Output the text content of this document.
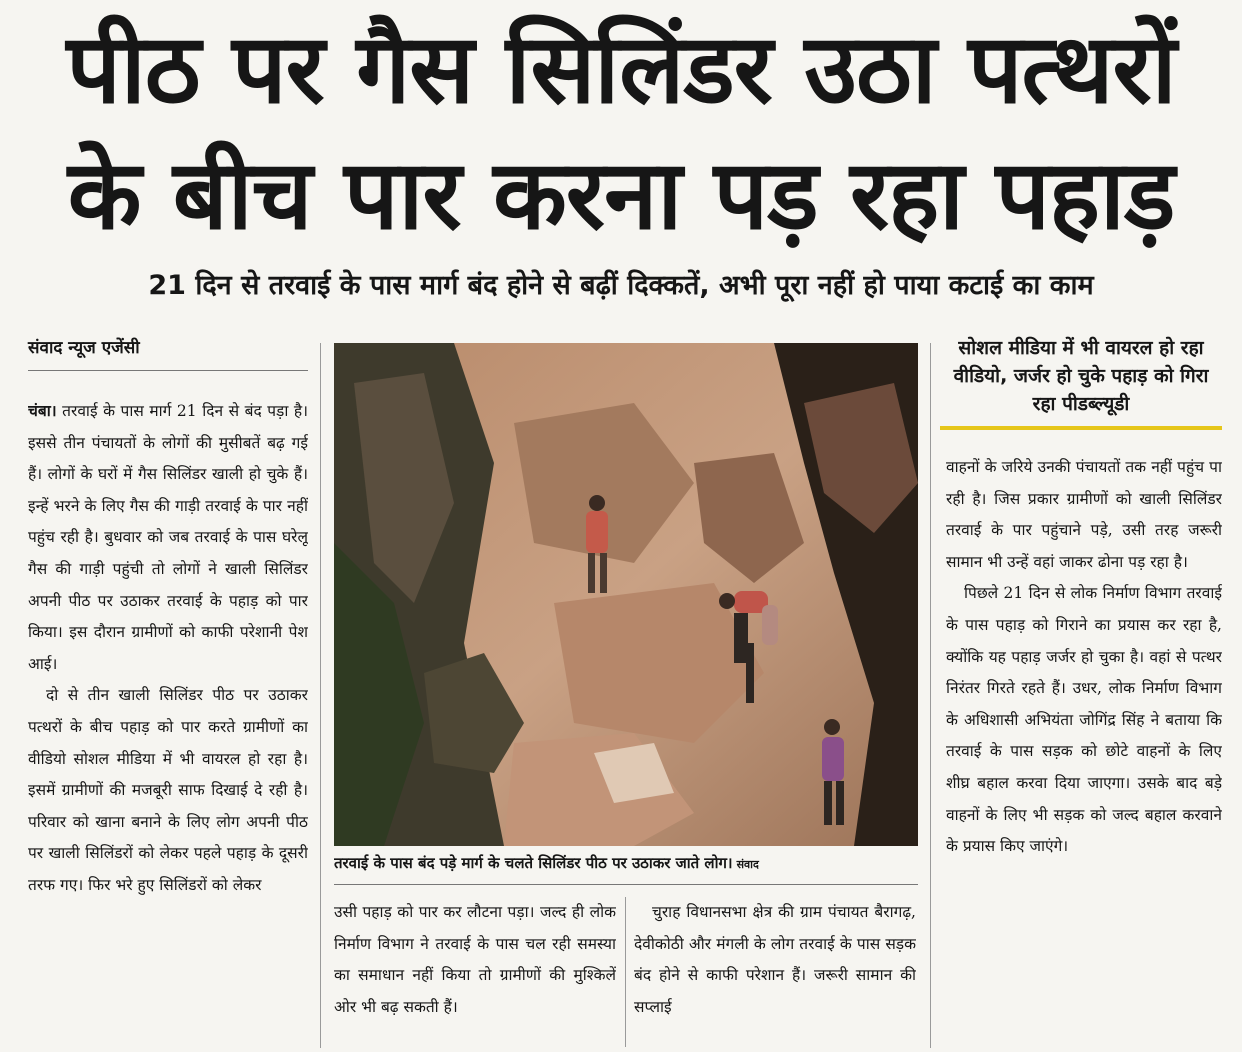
पीठ पर गैस सिलिंडर उठा पत्थरों
के बीच पार करना पड़ रहा पहाड़
21 दिन से तरवाई के पास मार्ग बंद होने से बढ़ीं दिक्कतें, अभी पूरा नहीं हो पाया कटाई का काम
संवाद न्यूज एजेंसी

चंबा। तरवाई के पास मार्ग 21 दिन से बंद पड़ा है। इससे तीन पंचायतों के लोगों की मुसीबतें बढ़ गई हैं। लोगों के घरों में गैस सिलिंडर खाली हो चुके हैं। इन्हें भरने के लिए गैस की गाड़ी तरवाई के पार नहीं पहुंच रही है। बुधवार को जब तरवाई के पास घरेलू गैस की गाड़ी पहुंची तो लोगों ने खाली सिलिंडर अपनी पीठ पर उठाकर तरवाई के पहाड़ को पार किया। इस दौरान ग्रामीणों को काफी परेशानी पेश आई।

दो से तीन खाली सिलिंडर पीठ पर उठाकर पत्थरों के बीच पहाड़ को पार करते ग्रामीणों का वीडियो सोशल मीडिया में भी वायरल हो रहा है। इसमें ग्रामीणों की मजबूरी साफ दिखाई दे रही है। परिवार को खाना बनाने के लिए लोग अपनी पीठ पर खाली सिलिंडरों को लेकर पहले पहाड़ के दूसरी तरफ गए। फिर भरे हुए सिलिंडरों को लेकर

तरवाई के पास बंद पड़े मार्ग के चलते सिलिंडर पीठ पर उठाकर जाते लोग। संवाद

उसी पहाड़ को पार कर लौटना पड़ा। जल्द ही लोक निर्माण विभाग ने तरवाई के पास चल रही समस्या का समाधान नहीं किया तो ग्रामीणों की मुश्किलें ओर भी बढ़ सकती हैं।

चुराह विधानसभा क्षेत्र की ग्राम पंचायत बैरागढ़, देवीकोठी और मंगली के लोग तरवाई के पास सड़क बंद होने से काफी परेशान हैं। जरूरी सामान की सप्लाई

सोशल मीडिया में भी वायरल हो रहा वीडियो, जर्जर हो चुके पहाड़ को गिरा रहा पीडब्ल्यूडी

वाहनों के जरिये उनकी पंचायतों तक नहीं पहुंच पा रही है। जिस प्रकार ग्रामीणों को खाली सिलिंडर तरवाई के पार पहुंचाने पड़े, उसी तरह जरूरी सामान भी उन्हें वहां जाकर ढोना पड़ रहा है।

पिछले 21 दिन से लोक निर्माण विभाग तरवाई के पास पहाड़ को गिराने का प्रयास कर रहा है, क्योंकि यह पहाड़ जर्जर हो चुका है। वहां से पत्थर निरंतर गिरते रहते हैं। उधर, लोक निर्माण विभाग के अधिशासी अभियंता जोगिंद्र सिंह ने बताया कि तरवाई के पास सड़क को छोटे वाहनों के लिए शीघ्र बहाल करवा दिया जाएगा। उसके बाद बड़े वाहनों के लिए भी सड़क को जल्द बहाल करवाने के प्रयास किए जाएंगे।
